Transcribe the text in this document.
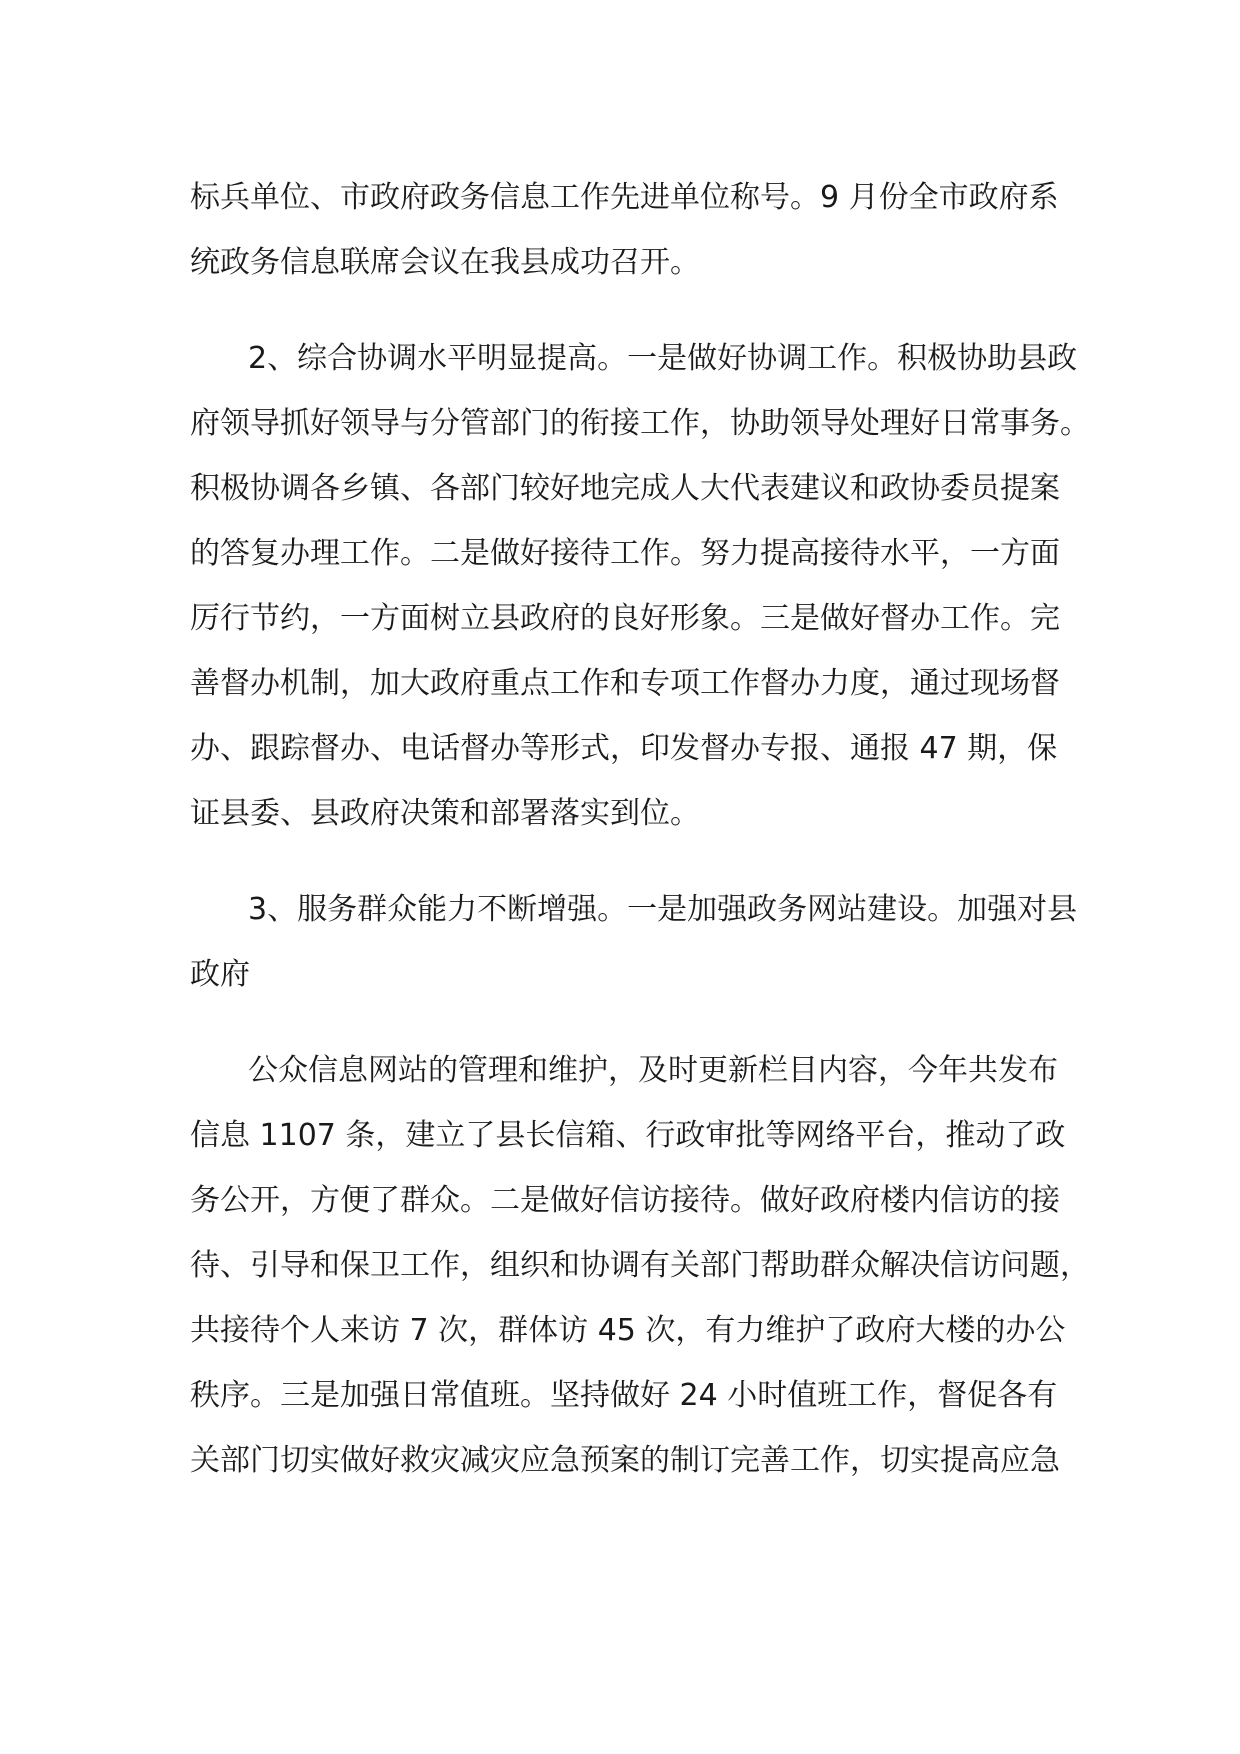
标兵单位、市政府政务信息工作先进单位称号。9 月份全市政府系
统政务信息联席会议在我县成功召开。
2、综合协调水平明显提高。一是做好协调工作。积极协助县政
府领导抓好领导与分管部门的衔接工作，协助领导处理好日常事务。
积极协调各乡镇、各部门较好地完成人大代表建议和政协委员提案
的答复办理工作。二是做好接待工作。努力提高接待水平，一方面
厉行节约，一方面树立县政府的良好形象。三是做好督办工作。完
善督办机制，加大政府重点工作和专项工作督办力度，通过现场督
办、跟踪督办、电话督办等形式，印发督办专报、通报 47 期，保
证县委、县政府决策和部署落实到位。
3、服务群众能力不断增强。一是加强政务网站建设。加强对县
政府
公众信息网站的管理和维护，及时更新栏目内容，今年共发布
信息 1107 条，建立了县长信箱、行政审批等网络平台，推动了政
务公开，方便了群众。二是做好信访接待。做好政府楼内信访的接
待、引导和保卫工作，组织和协调有关部门帮助群众解决信访问题，
共接待个人来访 7 次，群体访 45 次，有力维护了政府大楼的办公
秩序。三是加强日常值班。坚持做好 24 小时值班工作，督促各有
关部门切实做好救灾减灾应急预案的制订完善工作，切实提高应急
